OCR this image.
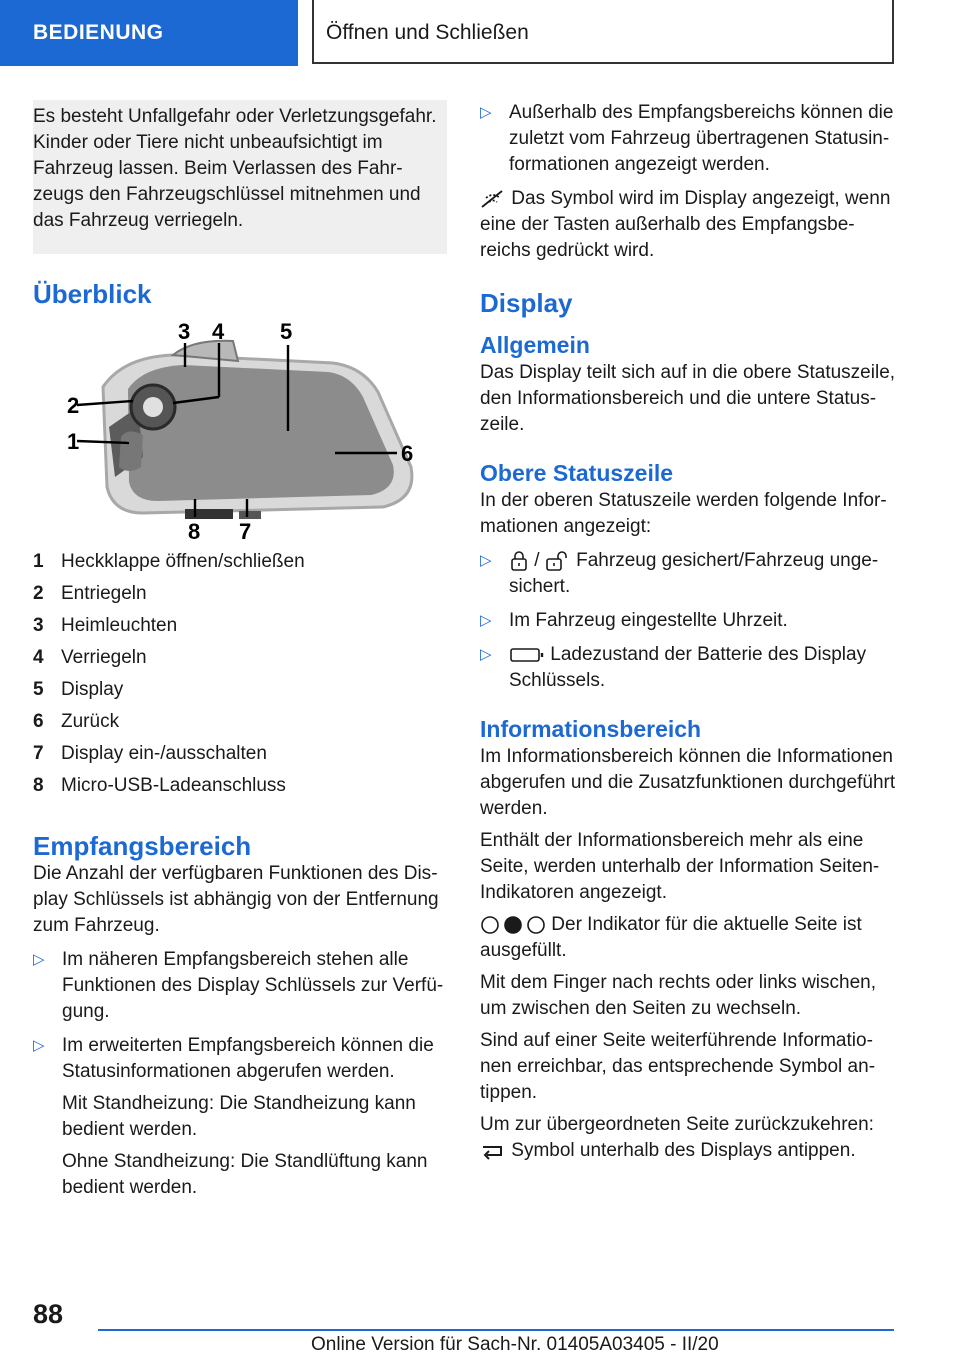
BEDIENUNG	Öffnen und Schließen
Es besteht Unfallgefahr oder Verletzungsgefahr. Kinder oder Tiere nicht unbeaufsichtigt im Fahrzeug lassen. Beim Verlassen des Fahrzeugs den Fahrzeugschlüssel mitnehmen und das Fahrzeug verriegeln.
Überblick
1
2
3 4	5
6
7
8
1 Heckklappe öffnen/schließen
2 Entriegeln
3 Heimleuchten
4 Verriegeln
5 Display
6 Zurück
7 Display ein-/ausschalten
8 Micro-USB-Ladeanschluss
Empfangsbereich

Die Anzahl der verfügbaren Funktionen des Display Schlüssels ist abhängig von der Entfernung zum Fahrzeug.

▷ Im näheren Empfangsbereich stehen alle Funktionen des Display Schlüssels zur Verfügung.
▷ Im erweiterten Empfangsbereich können die Statusinformationen abgerufen werden.

Mit Standheizung: Die Standheizung kann bedient werden.

Ohne Standheizung: Die Standlüftung kann bedient werden.

▷ Außerhalb des Empfangsbereichs können die zuletzt vom Fahrzeug übertragenen Statusinformationen angezeigt werden.

Das Symbol wird im Display angezeigt, wenn eine der Tasten außerhalb des Empfangsbereichs gedrückt wird.

Display
Allgemein

Das Display teilt sich auf in die obere Statuszeile, den Informationsbereich und die untere Statuszeile.

Obere Statuszeile

In der oberen Statuszeile werden folgende Informationen angezeigt:

▷ / Fahrzeug gesichert/Fahrzeug ungesichert.
▷ Im Fahrzeug eingestellte Uhrzeit.
▷	Ladezustand der Batterie des Display Schlüssels.
Informationsbereich

Im Informationsbereich können die Informationen abgerufen und die Zusatzfunktionen durchgeführt werden.

Enthält der Informationsbereich mehr als eine Seite, werden unterhalb der Information Seiten-Indikatoren angezeigt.

Der Indikator für die aktuelle Seite ist ausgefüllt.

Mit dem Finger nach rechts oder links wischen, um zwischen den Seiten zu wechseln.

Sind auf einer Seite weiterführende Informationen erreichbar, das entsprechende Symbol antippen.

Um zur übergeordneten Seite zurückzukehren:

Symbol unterhalb des Displays antippen.

88
Online Version für Sach-Nr. 01405A03405 - II/20
